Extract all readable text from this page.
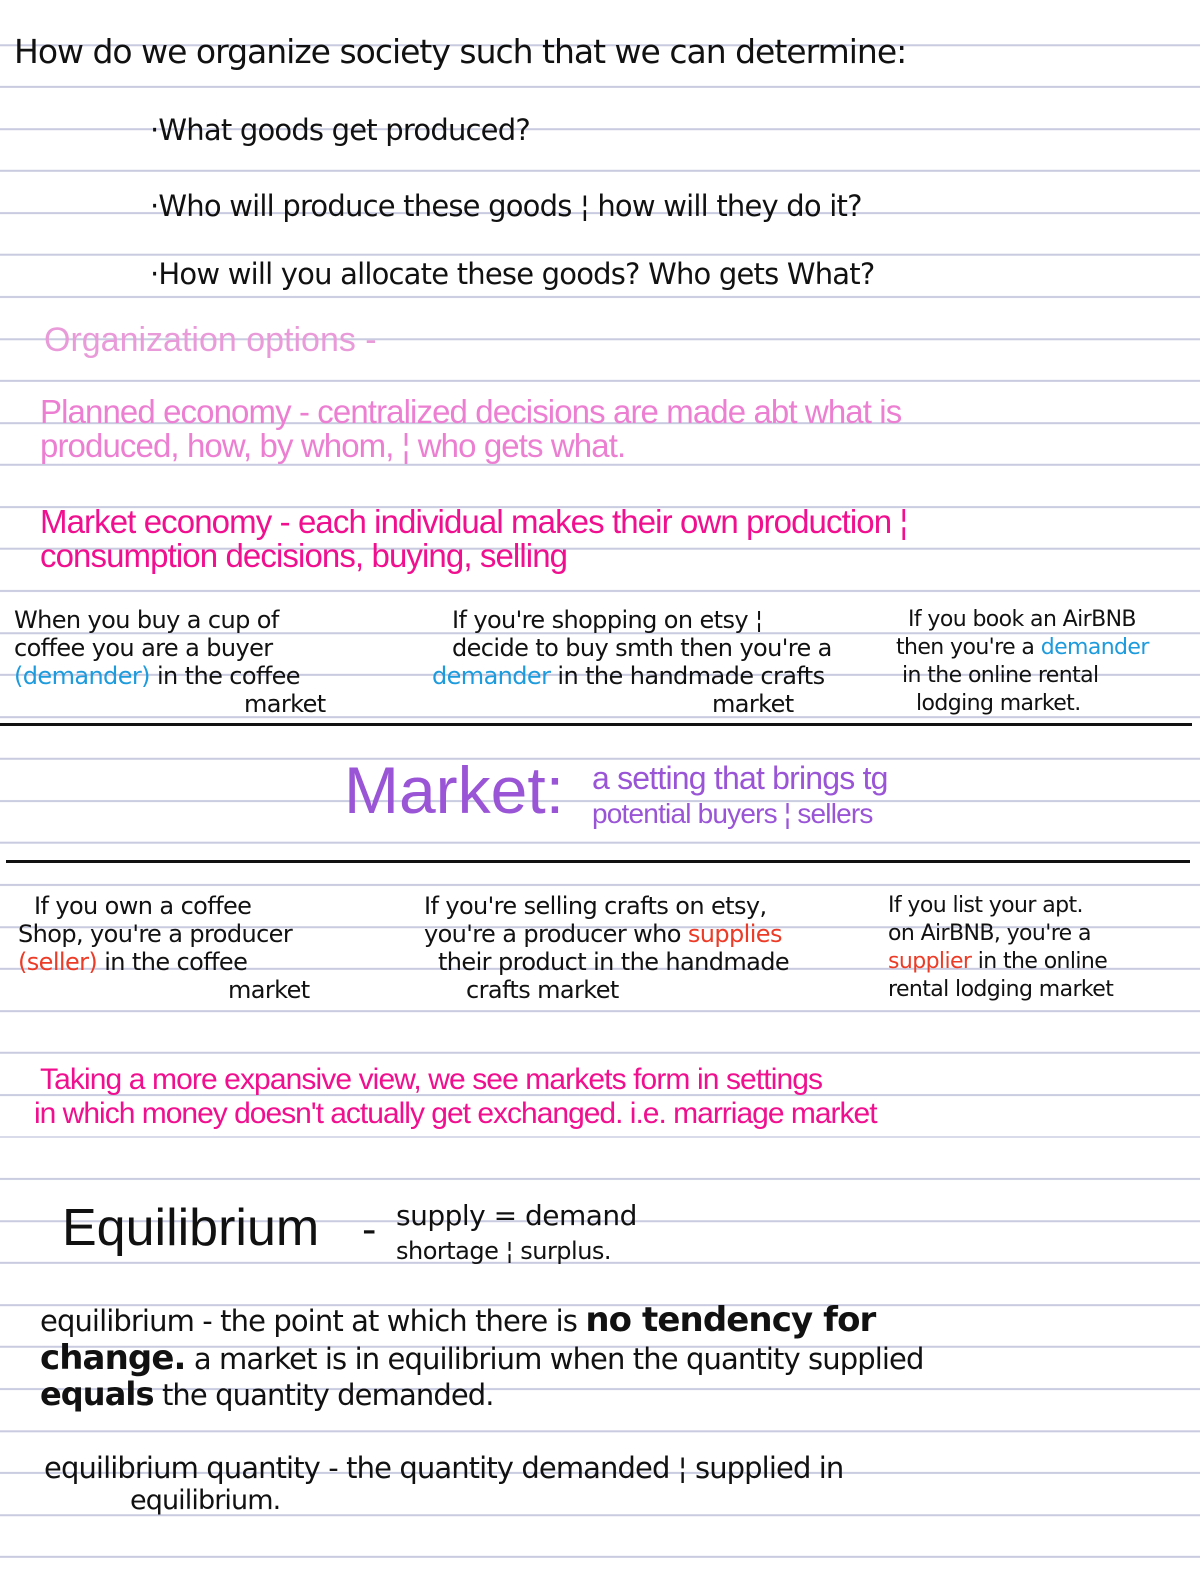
How do we organize society such that we can determine:
·What goods get produced?
·Who will produce these goods ¦ how will they do it?
·How will you allocate these goods? Who gets What?
Organization options -
Planned economy - centralized decisions are made abt what is
produced, how, by whom, ¦ who gets what.
Market economy - each individual makes their own production ¦
consumption decisions, buying, selling

When you buy a cup of

coffee you are a buyer

(demander) in the coffee

market

If you're shopping on etsy ¦

decide to buy smth then you're a

demander in the handmade crafts

market

If you book an AirBNB

then you're a demander

in the online rental

lodging market.

Market: a setting that brings tg
potential buyers ¦ sellers

If you own a coffee

Shop, you're a producer

(seller) in the coffee

market

If you're selling crafts on etsy,

you're a producer who supplies

their product in the handmade

crafts market

If you list your apt.

on AirBNB, you're a

supplier in the online

rental lodging market

Taking a more expansive view, we see markets form in settings
in which money doesn't actually get exchanged. i.e. marriage market
Equilibrium - supply = demand
shortage ¦ surplus.
equilibrium - the point at which there is no tendency for
change. a market is in equilibrium when the quantity supplied
equals the quantity demanded.
equilibrium quantity - the quantity demanded ¦ supplied in
equilibrium.
